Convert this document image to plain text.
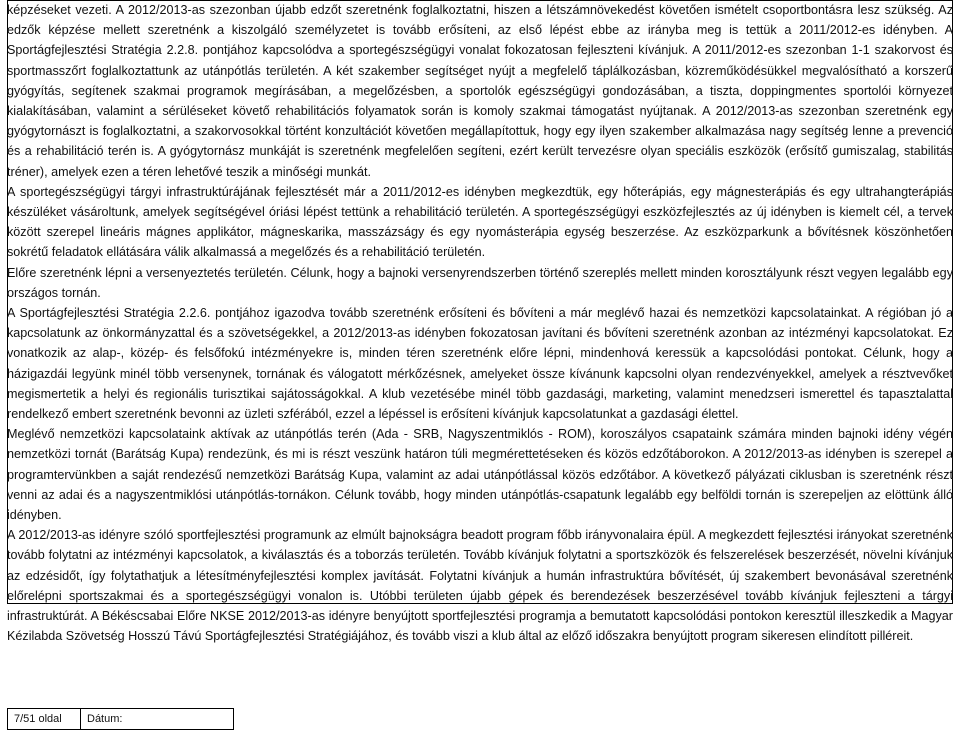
képzéseket vezeti. A 2012/2013-as szezonban újabb edzőt szeretnénk foglalkoztatni, hiszen a létszámnövekedést követően ismételt csoportbontásra lesz szükség. Az edzők képzése mellett szeretnénk a kiszolgáló személyzetet is tovább erősíteni, az első lépést ebbe az irányba meg is tettük a 2011/2012-es idényben. A Sportágfejlesztési Stratégia 2.2.8. pontjához kapcsolódva a sportegészségügyi vonalat fokozatosan fejleszteni kívánjuk. A 2011/2012-es szezonban 1-1 szakorvost és sportmasszőrt foglalkoztattunk az utánpótlás területén. A két szakember segítséget nyújt a megfelelő táplálkozásban, közreműködésükkel megvalósítható a korszerű gyógyítás, segítenek szakmai programok megírásában, a megelőzésben, a sportolók egészségügyi gondozásában, a tiszta, doppingmentes sportolói környezet kialakításában, valamint a sérüléseket követő rehabilitációs folyamatok során is komoly szakmai támogatást nyújtanak. A 2012/2013-as szezonban szeretnénk egy gyógytornászt is foglalkoztatni, a szakorvosokkal történt konzultációt követően megállapítottuk, hogy egy ilyen szakember alkalmazása nagy segítség lenne a prevenció és a rehabilitáció terén is. A gyógytornász munkáját is szeretnénk megfelelően segíteni, ezért került tervezésre olyan speciális eszközök (erősítő gumiszalag, stabilitás tréner), amelyek ezen a téren lehetővé teszik a minőségi munkát.

A sportegészségügyi tárgyi infrastruktúrájának fejlesztését már a 2011/2012-es idényben megkezdtük, egy hőterápiás, egy mágnesterápiás és egy ultrahangterápiás készüléket vásároltunk, amelyek segítségével óriási lépést tettünk a rehabilitáció területén. A sportegészségügyi eszközfejlesztés az új idényben is kiemelt cél, a tervek között szerepel lineáris mágnes applikátor, mágneskarika, masszázságy és egy nyomásterápia egység beszerzése. Az eszközparkunk a bővítésnek köszönhetően sokrétű feladatok ellátására válik alkalmassá a megelőzés és a rehabilitáció területén.

Előre szeretnénk lépni a versenyeztetés területén. Célunk, hogy a bajnoki versenyrendszerben történő szereplés mellett minden korosztályunk részt vegyen legalább egy országos tornán.

A Sportágfejlesztési Stratégia 2.2.6. pontjához igazodva tovább szeretnénk erősíteni és bővíteni a már meglévő hazai és nemzetközi kapcsolatainkat. A régióban jó a kapcsolatunk az önkormányzattal és a szövetségekkel, a 2012/2013-as idényben fokozatosan javítani és bővíteni szeretnénk azonban az intézményi kapcsolatokat. Ez vonatkozik az alap-, közép- és felsőfokú intézményekre is, minden téren szeretnénk előre lépni, mindenhová keressük a kapcsolódási pontokat. Célunk, hogy a házigazdái legyünk minél több versenynek, tornának és válogatott mérkőzésnek, amelyeket össze kívánunk kapcsolni olyan rendezvényekkel, amelyek a résztvevőket megismertetik a helyi és regionális turisztikai sajátosságokkal. A klub vezetésébe minél több gazdasági, marketing, valamint menedzseri ismerettel és tapasztalattal rendelkező embert szeretnénk bevonni az üzleti szférából, ezzel a lépéssel is erősíteni kívánjuk kapcsolatunkat a gazdasági élettel.

Meglévő nemzetközi kapcsolataink aktívak az utánpótlás terén (Ada - SRB, Nagyszentmiklós - ROM), koroszályos csapataink számára minden bajnoki idény végén nemzetközi tornát (Barátság Kupa) rendezünk, és mi is részt veszünk határon túli megmérettetéseken és közös edzőtáborokon. A 2012/2013-as idényben is szerepel a programtervünkben a saját rendezésű nemzetközi Barátság Kupa, valamint az adai utánpótlással közös edzőtábor. A következő pályázati ciklusban is szeretnénk részt venni az adai és a nagyszentmiklósi utánpótlás-tornákon. Célunk tovább, hogy minden utánpótlás-csapatunk legalább egy belföldi tornán is szerepeljen az elöttünk álló idényben.

A 2012/2013-as idényre szóló sportfejlesztési programunk az elmúlt bajnokságra beadott program főbb irányvonalaira épül. A megkezdett fejlesztési irányokat szeretnénk tovább folytatni az intézményi kapcsolatok, a kiválasztás és a toborzás területén. Tovább kívánjuk folytatni a sportszközök és felszerelések beszerzését, növelni kívánjuk az edzésidőt, így folytathatjuk a létesítményfejlesztési komplex javítását. Folytatni kívánjuk a humán infrastruktúra bővítését, új szakembert bevonásával szeretnénk előrelépni sportszakmai és a sportegészségügyi vonalon is. Utóbbi területen újabb gépek és berendezések beszerzésével tovább kívánjuk fejleszteni a tárgyi infrastruktúrát. A Békéscsabai Előre NKSE 2012/2013-as idényre benyújtott sportfejlesztési programja a bemutatott kapcsolódási pontokon keresztül illeszkedik a Magyar Kézilabda Szövetség Hosszú Távú Sportágfejlesztési Stratégiájához, és tovább viszi a klub által az előző időszakra benyújtott program sikeresen elindított pilléreit.

7/51 oldal	Dátum:
